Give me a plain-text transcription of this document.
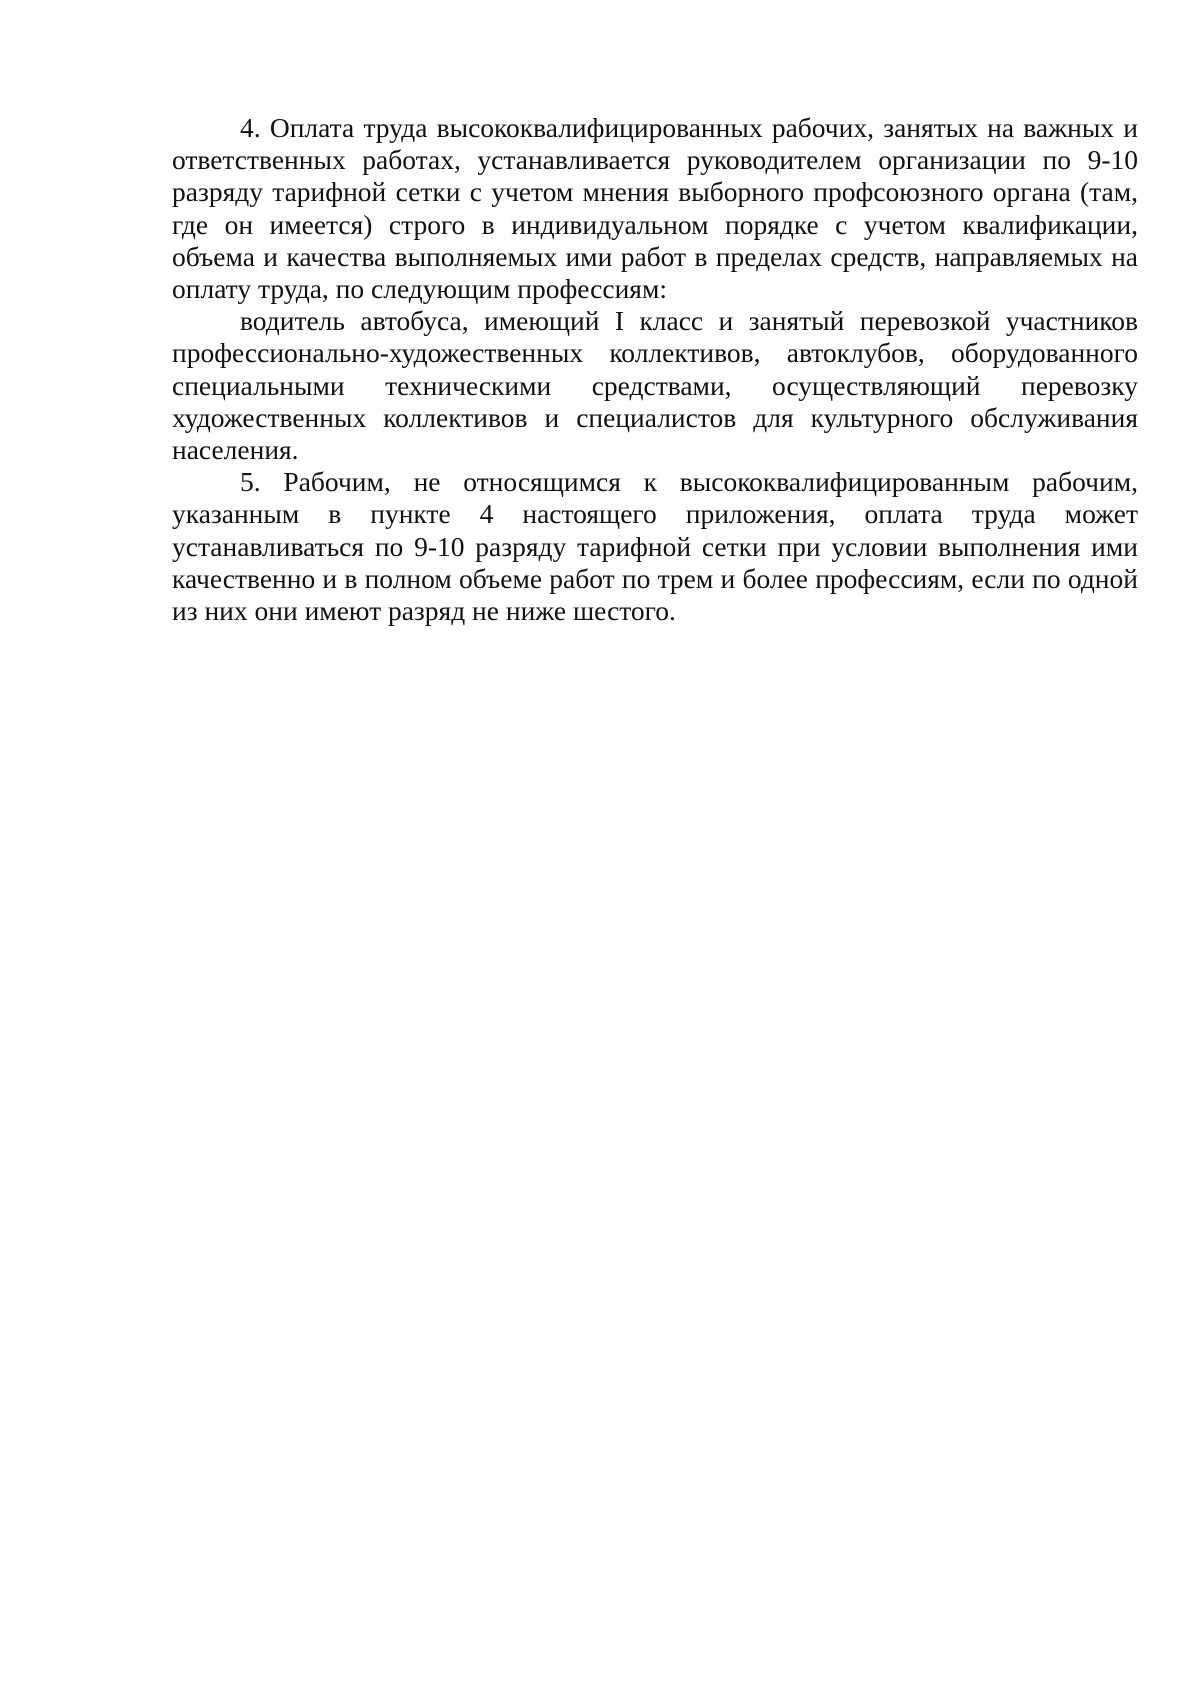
4. Оплата труда высококвалифицированных рабочих, занятых на важных и ответственных работах, устанавливается руководителем организации по 9-10 разряду тарифной сетки с учетом мнения выборного профсоюзного органа (там, где он имеется) строго в индивидуальном порядке с учетом квалификации, объема и качества выполняемых ими работ в пределах средств, направляемых на оплату труда, по следующим профессиям:

водитель автобуса, имеющий I класс и занятый перевозкой участников профессионально-художественных коллективов, автоклубов, оборудованного специальными техническими средствами, осуществляющий перевозку художественных коллективов и специалистов для культурного обслуживания населения.

5. Рабочим, не относящимся к высококвалифицированным рабочим, указанным в пункте 4 настоящего приложения, оплата труда может устанавливаться по 9-10 разряду тарифной сетки при условии выполнения ими качественно и в полном объеме работ по трем и более профессиям, если по одной из них они имеют разряд не ниже шестого.
